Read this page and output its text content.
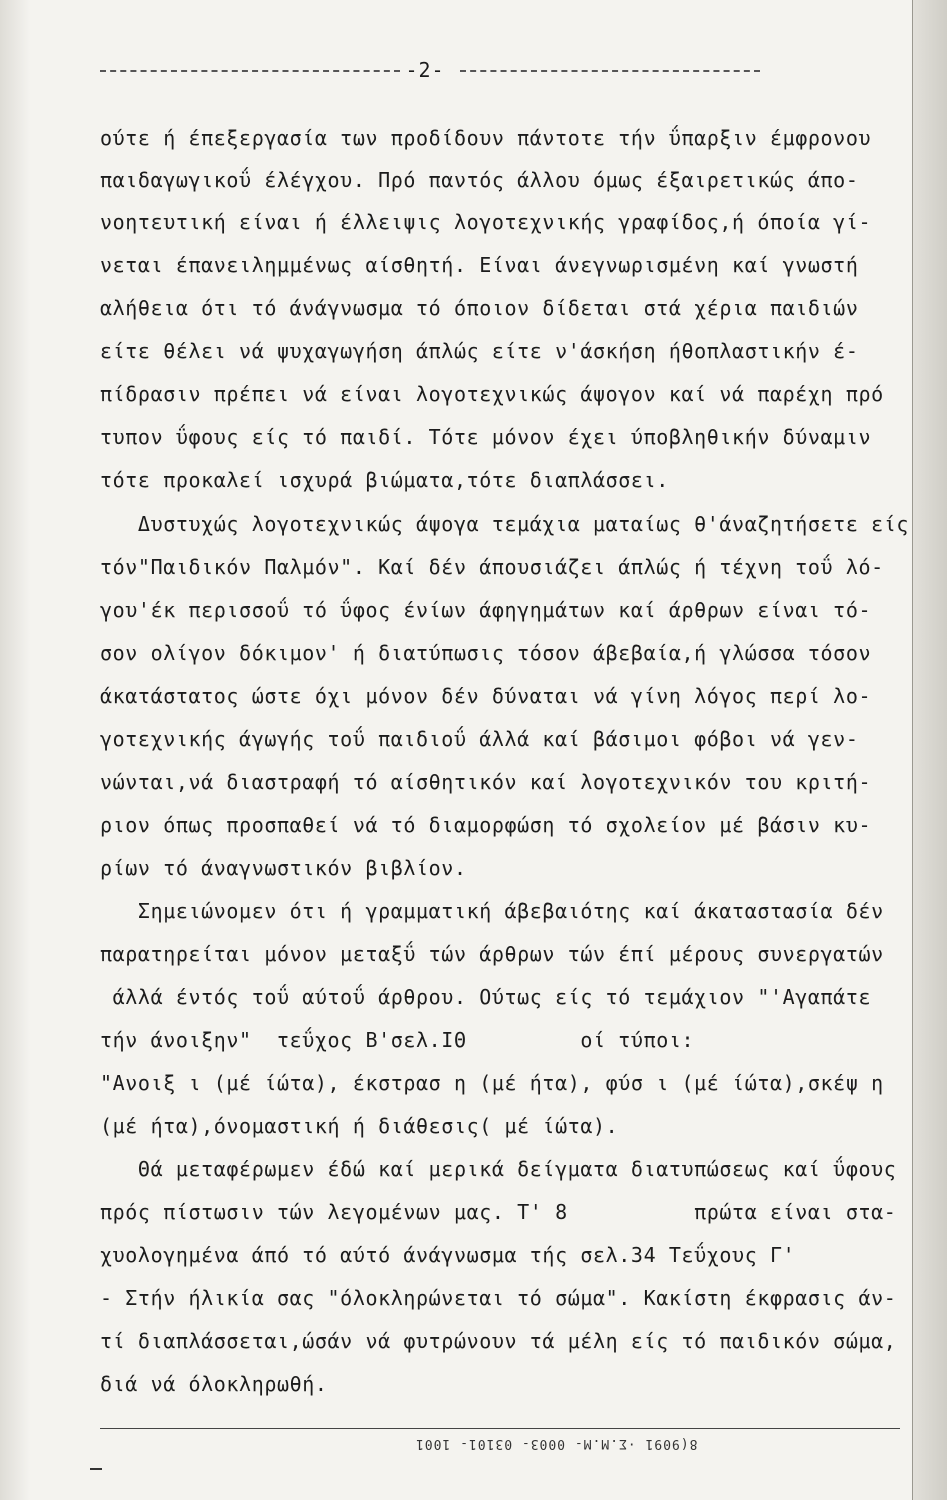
-2-
ούτε ή έπεξεργασία των προδίδουν πάντοτε τήν ΰπαρξιν έμφρονου
παιδαγωγικοΰ έλέγχου. Πρό παντός άλλου όμως έξαιρετικώς άπο-
νοητευτική είναι ή έλλειψις λογοτεχνικής γραφίδος,ή όποία γί-
νεται έπανειλημμένως αίσθητή. Είναι άνεγνωρισμένη καί γνωστή
αλήθεια ότι τό άνάγνωσμα τό όποιον δίδεται στά χέρια παιδιών
είτε θέλει νά ψυχαγωγήση άπλώς είτε ν'άσκήση ήθοπλαστικήν έ-
πίδρασιν πρέπει νά είναι λογοτεχνικώς άψογον καί νά παρέχη πρό
τυπον ΰφους είς τό παιδί. Τότε μόνον έχει ύποβληθικήν δύναμιν
τότε προκαλεί ισχυρά βιώματα,τότε διαπλάσσει.
Δυστυχώς λογοτεχνικώς άψογα τεμάχια ματαίως θ'άναζητήσετε είς
τόν"Παιδικόν Παλμόν". Καί δέν άπουσιάζει άπλώς ή τέχνη τοΰ λό-
γου'έκ περισσοΰ τό ΰφος ένίων άφηγημάτων καί άρθρων είναι τό-
σον ολίγον δόκιμον' ή διατύπωσις τόσον άβεβαία,ή γλώσσα τόσον
άκατάστατος ώστε όχι μόνον δέν δύναται νά γίνη λόγος περί λο-
γοτεχνικής άγωγής τοΰ παιδιοΰ άλλά καί βάσιμοι φόβοι νά γεν-
νώνται,νά διαστραφή τό αίσθητικόν καί λογοτεχνικόν του κριτή-
ριον όπως προσπαθεί νά τό διαμορφώση τό σχολείον μέ βάσιν κυ-
ρίων τό άναγνωστικόν βιβλίον.
Σημειώνομεν ότι ή γραμματική άβεβαιότης καί άκαταστασία δέν
παρατηρείται μόνον μεταξΰ τών άρθρων τών έπί μέρους συνεργατών
άλλά έντός τοΰ αύτοΰ άρθρου. Ούτως είς τό τεμάχιον "'Αγαπάτε
τήν άνοιξην"  τεΰχος Β'σελ.ΙΘ         οί τύποι:
"Ανοιξ ι (μέ ίώτα), έκστρασ η (μέ ήτα), φύσ ι (μέ ίώτα),σκέψ η
(μέ ήτα),όνομαστική ή διάθεσις( μέ ίώτα).
Θά μεταφέρωμεν έδώ καί μερικά δείγματα διατυπώσεως καί ΰφους
πρός πίστωσιν τών λεγομένων μας. Τ' 8          πρώτα είναι στα-
χυολογημένα άπό τό αύτό άνάγνωσμα τής σελ.34 Τεΰχους Γ'
- Στήν ήλικία σας "όλοκληρώνεται τό σώμα". Κακίστη έκφρασις άν-
τί διαπλάσσεται,ώσάν νά φυτρώνουν τά μέλη είς τό παιδικόν σώμα,
διά νά όλοκληρωθή.
8(9091 ·Σ.Μ.Μ- 0003- 03101- 1001
